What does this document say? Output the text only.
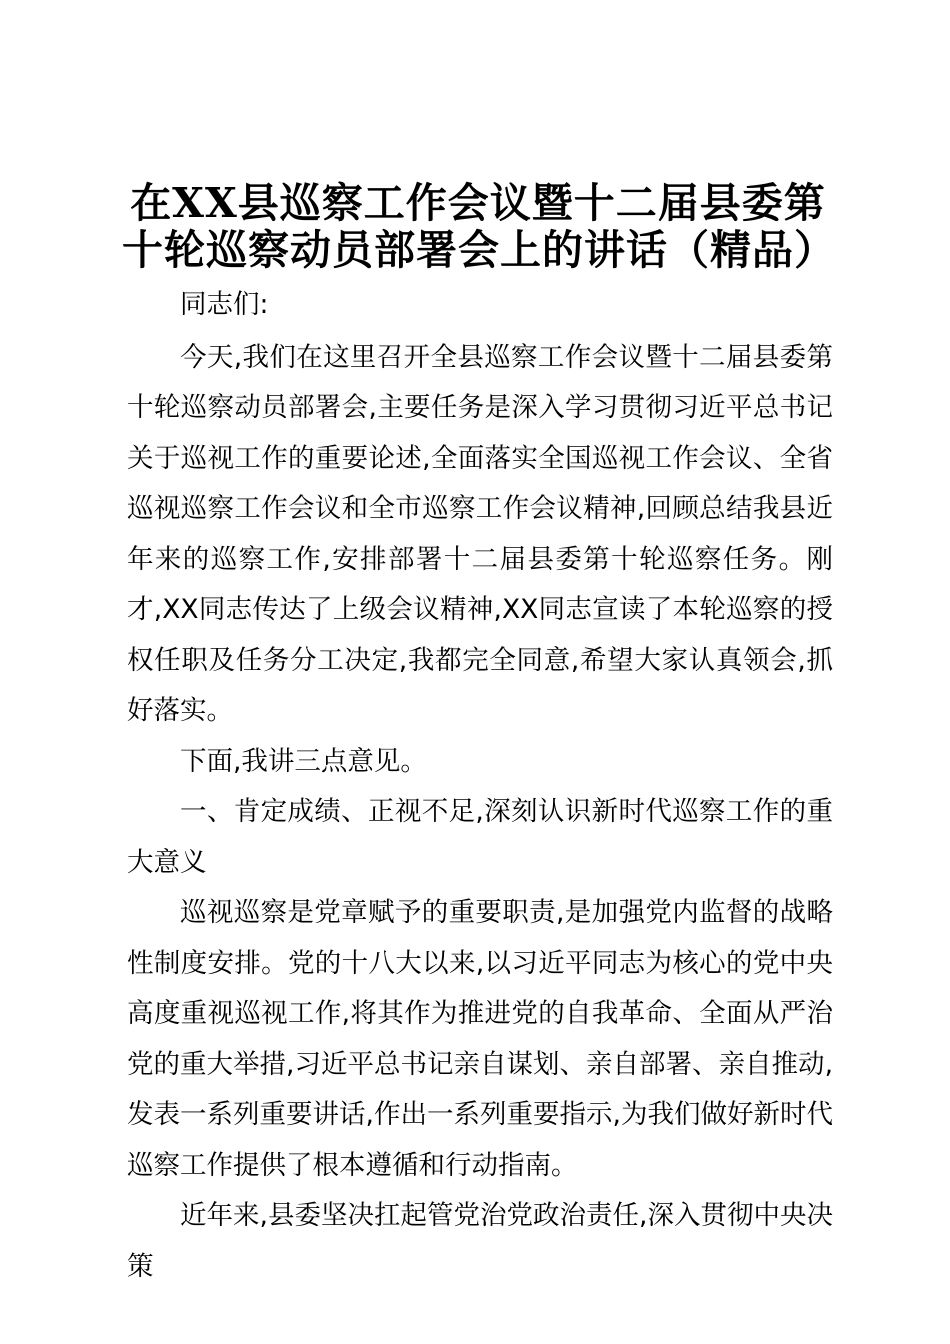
在XX县巡察工作会议暨十二届县委第
十轮巡察动员部署会上的讲话（精品）

同志们:

今天,我们在这里召开全县巡察工作会议暨十二届县委第十轮巡察动员部署会,主要任务是深入学习贯彻习近平总书记关于巡视工作的重要论述,全面落实全国巡视工作会议、全省巡视巡察工作会议和全市巡察工作会议精神,回顾总结我县近年来的巡察工作,安排部署十二届县委第十轮巡察任务。刚才,XX同志传达了上级会议精神,XX同志宣读了本轮巡察的授权任职及任务分工决定,我都完全同意,希望大家认真领会,抓好落实。

下面,我讲三点意见。

一、肯定成绩、正视不足,深刻认识新时代巡察工作的重大意义

巡视巡察是党章赋予的重要职责,是加强党内监督的战略性制度安排。党的十八大以来,以习近平同志为核心的党中央高度重视巡视工作,将其作为推进党的自我革命、全面从严治党的重大举措,习近平总书记亲自谋划、亲自部署、亲自推动,发表一系列重要讲话,作出一系列重要指示,为我们做好新时代巡察工作提供了根本遵循和行动指南。

近年来,县委坚决扛起管党治党政治责任,深入贯彻中央决策
